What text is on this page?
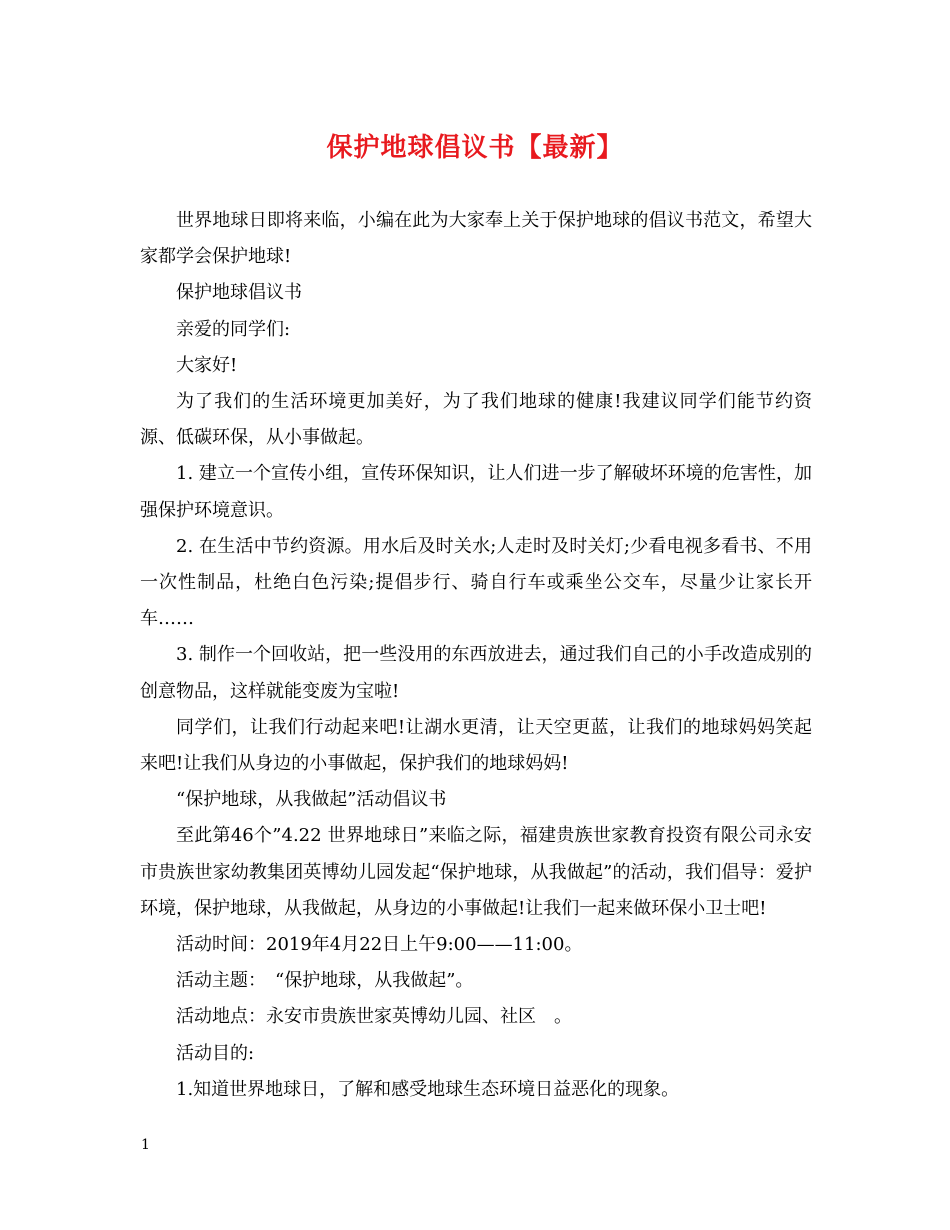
保护地球倡议书【最新】

世界地球日即将来临，小编在此为大家奉上关于保护地球的倡议书范文，希望大家都学会保护地球!

保护地球倡议书

亲爱的同学们:

大家好!

为了我们的生活环境更加美好，为了我们地球的健康!我建议同学们能节约资源、低碳环保，从小事做起。

1. 建立一个宣传小组，宣传环保知识，让人们进一步了解破坏环境的危害性，加强保护环境意识。

2. 在生活中节约资源。用水后及时关水;人走时及时关灯;少看电视多看书、不用一次性制品，杜绝白色污染;提倡步行、骑自行车或乘坐公交车，尽量少让家长开车……

3. 制作一个回收站，把一些没用的东西放进去，通过我们自己的小手改造成别的创意物品，这样就能变废为宝啦!

同学们，让我们行动起来吧!让湖水更清，让天空更蓝，让我们的地球妈妈笑起来吧!让我们从身边的小事做起，保护我们的地球妈妈!

“保护地球，从我做起”活动倡议书

至此第46个”4.22 世界地球日”来临之际，福建贵族世家教育投资有限公司永安市贵族世家幼教集团英博幼儿园发起“保护地球，从我做起”的活动，我们倡导：爱护环境，保护地球，从我做起，从身边的小事做起!让我们一起来做环保小卫士吧!

活动时间：2019年4月22日上午9:00——11:00。

活动主题：　“保护地球，从我做起”。

活动地点：永安市贵族世家英博幼儿园、社区　。

活动目的:

1.知道世界地球日，了解和感受地球生态环境日益恶化的现象。

1
